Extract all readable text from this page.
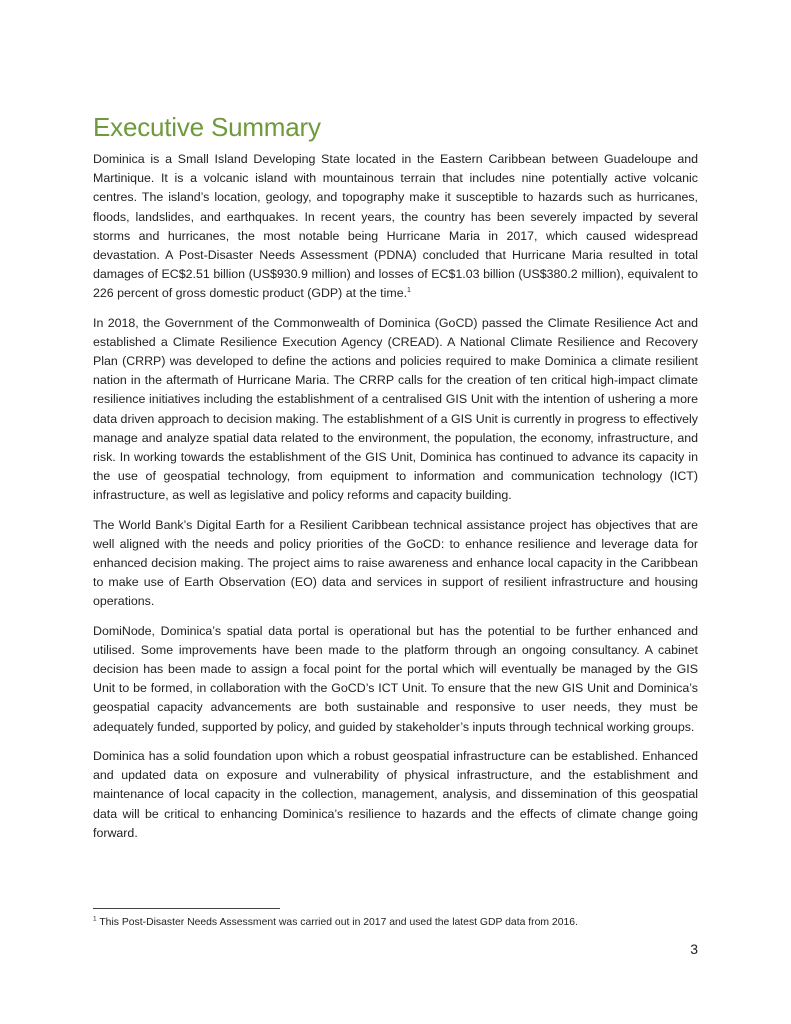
Executive Summary

Dominica is a Small Island Developing State located in the Eastern Caribbean between Guadeloupe and Martinique. It is a volcanic island with mountainous terrain that includes nine potentially active volcanic centres. The island’s location, geology, and topography make it susceptible to hazards such as hurricanes, floods, landslides, and earthquakes. In recent years, the country has been severely impacted by several storms and hurricanes, the most notable being Hurricane Maria in 2017, which caused widespread devastation. A Post-Disaster Needs Assessment (PDNA) concluded that Hurricane Maria resulted in total damages of EC$2.51 billion (US$930.9 million) and losses of EC$1.03 billion (US$380.2 million), equivalent to 226 percent of gross domestic product (GDP) at the time.$^1$

In 2018, the Government of the Commonwealth of Dominica (GoCD) passed the Climate Resilience Act and established a Climate Resilience Execution Agency (CREAD). A National Climate Resilience and Recovery Plan (CRRP) was developed to define the actions and policies required to make Dominica a climate resilient nation in the aftermath of Hurricane Maria. The CRRP calls for the creation of ten critical high-impact climate resilience initiatives including the establishment of a centralised GIS Unit with the intention of ushering a more data driven approach to decision making. The establishment of a GIS Unit is currently in progress to effectively manage and analyze spatial data related to the environment, the population, the economy, infrastructure, and risk. In working towards the establishment of the GIS Unit, Dominica has continued to advance its capacity in the use of geospatial technology, from equipment to information and communication technology (ICT) infrastructure, as well as legislative and policy reforms and capacity building.

The World Bank’s Digital Earth for a Resilient Caribbean technical assistance project has objectives that are well aligned with the needs and policy priorities of the GoCD: to enhance resilience and leverage data for enhanced decision making. The project aims to raise awareness and enhance local capacity in the Caribbean to make use of Earth Observation (EO) data and services in support of resilient infrastructure and housing operations.

DomiNode, Dominica’s spatial data portal is operational but has the potential to be further enhanced and utilised. Some improvements have been made to the platform through an ongoing consultancy. A cabinet decision has been made to assign a focal point for the portal which will eventually be managed by the GIS Unit to be formed, in collaboration with the GoCD’s ICT Unit. To ensure that the new GIS Unit and Dominica’s geospatial capacity advancements are both sustainable and responsive to user needs, they must be adequately funded, supported by policy, and guided by stakeholder’s inputs through technical working groups.

Dominica has a solid foundation upon which a robust geospatial infrastructure can be established. Enhanced and updated data on exposure and vulnerability of physical infrastructure, and the establishment and maintenance of local capacity in the collection, management, analysis, and dissemination of this geospatial data will be critical to enhancing Dominica’s resilience to hazards and the effects of climate change going forward.

$^1$ This Post-Disaster Needs Assessment was carried out in 2017 and used the latest GDP data from 2016.
3
